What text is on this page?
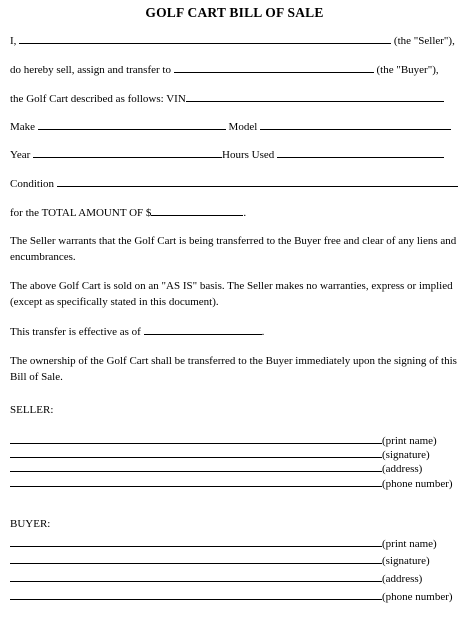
GOLF CART BILL OF SALE
I,	(the "Seller"),
do hereby sell, assign and transfer to	(the "Buyer"),
the Golf Cart described as follows: VIN
Make	Model
Year	Hours Used
Condition
for the TOTAL AMOUNT OF $	.
The Seller warrants that the Golf Cart is being transferred to the Buyer free and clear of any liens and encumbrances.
The above Golf Cart is sold on an "AS IS" basis. The Seller makes no warranties, express or implied (except as specifically stated in this document).
This transfer is effective as of	.
The ownership of the Golf Cart shall be transferred to the Buyer immediately upon the signing of this Bill of Sale.
SELLER:
(print name)
(signature)
(address)
(phone number)
BUYER:
(print name)
(signature)
(address)
(phone number)
